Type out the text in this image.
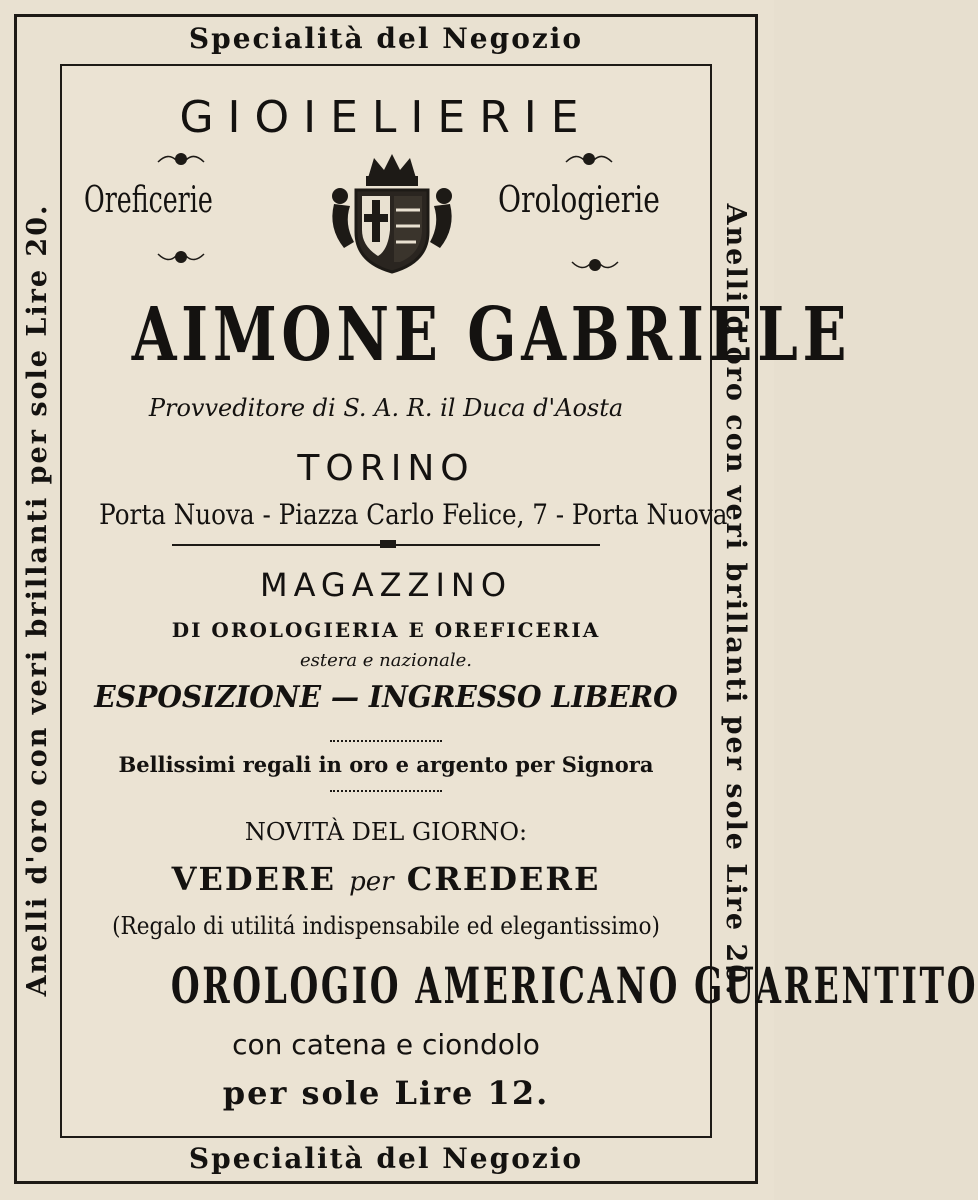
Specialità del Negozio
Specialità del Negozio
Anelli d'oro con veri brillanti per sole Lire 20.	Anelli d'oro con veri brillanti per sole Lire 20.
GIOIELIERIE
Oreficerie	Orologierie
AIMONE GABRIELE
Provveditore di S. A. R. il Duca d'Aosta
TORINO
Porta Nuova - Piazza Carlo Felice, 7 - Porta Nuova
MAGAZZINO
DI OROLOGIERIA E OREFICERIA
estera e nazionale.
ESPOSIZIONE — INGRESSO LIBERO
Bellissimi regali in oro e argento per Signora
NOVITÀ DEL GIORNO:
VEDERE per CREDERE
(Regalo di utilitá indispensabile ed elegantissimo)
OROLOGIO AMERICANO GUARENTITO
con catena e ciondolo
per sole Lire 12.
